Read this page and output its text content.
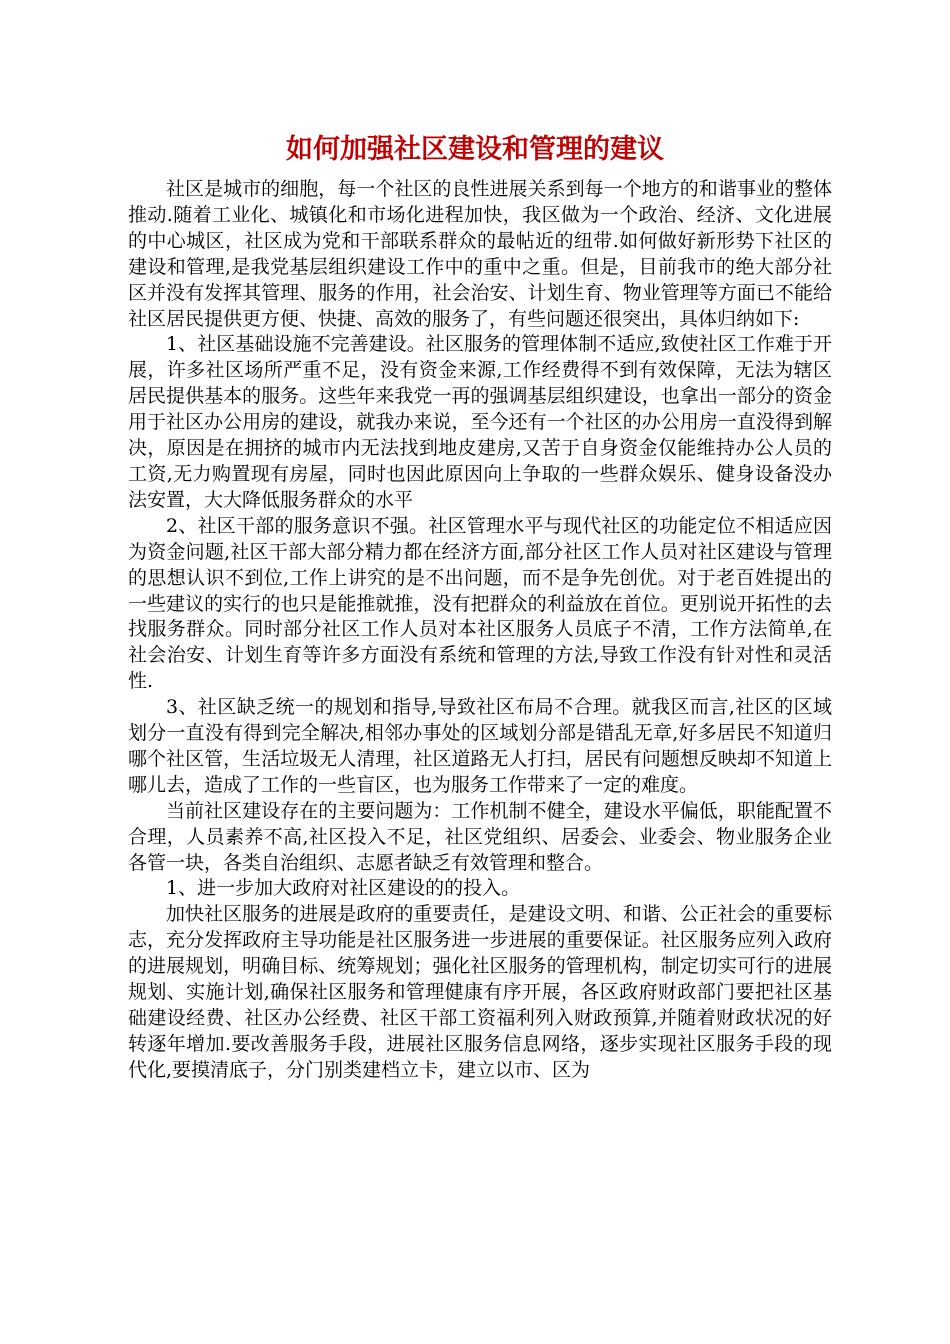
如何加强社区建设和管理的建议

社区是城市的细胞，每一个社区的良性进展关系到每一个地方的和谐事业的整体推动.随着工业化、城镇化和市场化进程加快，我区做为一个政治、经济、文化进展的中心城区，社区成为党和干部联系群众的最帖近的纽带.如何做好新形势下社区的建设和管理,是我党基层组织建设工作中的重中之重。但是，目前我市的绝大部分社区并没有发挥其管理、服务的作用，社会治安、计划生育、物业管理等方面已不能给社区居民提供更方便、快捷、高效的服务了，有些问题还很突出，具体归纳如下:

1、社区基础设施不完善建设。社区服务的管理体制不适应,致使社区工作难于开展，许多社区场所严重不足，没有资金来源,工作经费得不到有效保障，无法为辖区居民提供基本的服务。这些年来我党一再的强调基层组织建设，也拿出一部分的资金用于社区办公用房的建设，就我办来说，至今还有一个社区的办公用房一直没得到解决，原因是在拥挤的城市内无法找到地皮建房,又苦于自身资金仅能维持办公人员的工资,无力购置现有房屋，同时也因此原因向上争取的一些群众娱乐、健身设备没办法安置，大大降低服务群众的水平

2、社区干部的服务意识不强。社区管理水平与现代社区的功能定位不相适应因为资金问题,社区干部大部分精力都在经济方面,部分社区工作人员对社区建设与管理的思想认识不到位,工作上讲究的是不出问题，而不是争先创优。对于老百姓提出的一些建议的实行的也只是能推就推，没有把群众的利益放在首位。更别说开拓性的去找服务群众。同时部分社区工作人员对本社区服务人员底子不清，工作方法简单,在社会治安、计划生育等许多方面没有系统和管理的方法,导致工作没有针对性和灵活性.

3、社区缺乏统一的规划和指导,导致社区布局不合理。就我区而言,社区的区域划分一直没有得到完全解决,相邻办事处的区域划分部是错乱无章,好多居民不知道归哪个社区管，生活垃圾无人清理，社区道路无人打扫，居民有问题想反映却不知道上哪儿去，造成了工作的一些盲区，也为服务工作带来了一定的难度。

当前社区建设存在的主要问题为：工作机制不健全，建设水平偏低，职能配置不合理，人员素养不高,社区投入不足，社区党组织、居委会、业委会、物业服务企业各管一块，各类自治组织、志愿者缺乏有效管理和整合。

1、进一步加大政府对社区建设的的投入。

加快社区服务的进展是政府的重要责任，是建设文明、和谐、公正社会的重要标志，充分发挥政府主导功能是社区服务进一步进展的重要保证。社区服务应列入政府的进展规划，明确目标、统筹规划；强化社区服务的管理机构，制定切实可行的进展规划、实施计划,确保社区服务和管理健康有序开展，各区政府财政部门要把社区基础建设经费、社区办公经费、社区干部工资福利列入财政预算,并随着财政状况的好转逐年增加.要改善服务手段，进展社区服务信息网络，逐步实现社区服务手段的现代化,要摸清底子，分门别类建档立卡，建立以市、区为
